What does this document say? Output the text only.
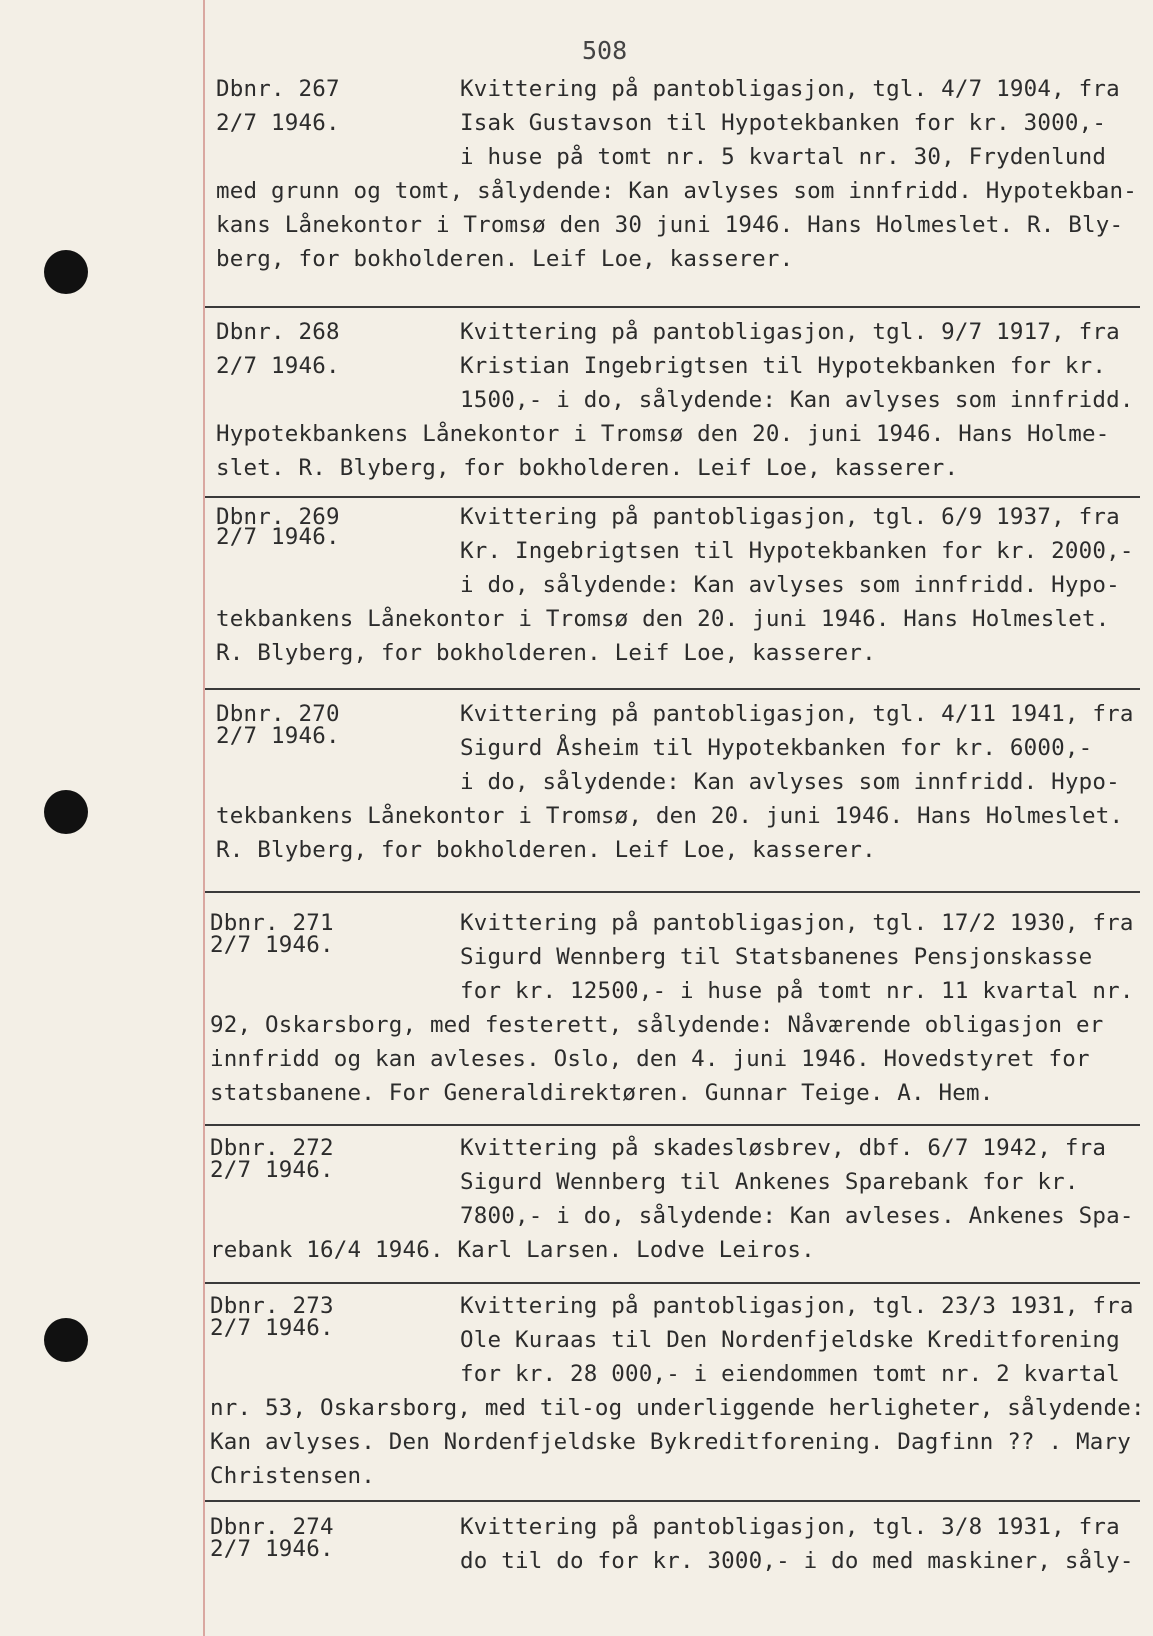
508
Dbnr. 267
2/7 1946.
Kvittering på pantobligasjon, tgl. 4/7 1904, fra
Isak Gustavson til Hypotekbanken for kr. 3000,-
i huse på tomt nr. 5 kvartal nr. 30, Frydenlund
med grunn og tomt, sålydende: Kan avlyses som innfridd. Hypotekban-
kans Lånekontor i Tromsø den 30 juni 1946. Hans Holmeslet. R. Bly-
berg, for bokholderen. Leif Loe, kasserer.
Dbnr. 268
2/7 1946.
Kvittering på pantobligasjon, tgl. 9/7 1917, fra
Kristian Ingebrigtsen til Hypotekbanken for kr.
1500,- i do, sålydende: Kan avlyses som innfridd.
Hypotekbankens Lånekontor i Tromsø den 20. juni 1946. Hans Holme-
slet. R. Blyberg, for bokholderen. Leif Loe, kasserer.
Dbnr. 269
2/7 1946.
Kvittering på pantobligasjon, tgl. 6/9 1937, fra
Kr. Ingebrigtsen til Hypotekbanken for kr. 2000,-
i do, sålydende: Kan avlyses som innfridd. Hypo-
tekbankens Lånekontor i Tromsø den 20. juni 1946. Hans Holmeslet.
R. Blyberg, for bokholderen. Leif Loe, kasserer.
Dbnr. 270
2/7 1946.
Kvittering på pantobligasjon, tgl. 4/11 1941, fra
Sigurd Åsheim til Hypotekbanken for kr. 6000,-
i do, sålydende: Kan avlyses som innfridd. Hypo-
tekbankens Lånekontor i Tromsø, den 20. juni 1946. Hans Holmeslet.
R. Blyberg, for bokholderen. Leif Loe, kasserer.
Dbnr. 271
2/7 1946.
Kvittering på pantobligasjon, tgl. 17/2 1930, fra
Sigurd Wennberg til Statsbanenes Pensjonskasse
for kr. 12500,- i huse på tomt nr. 11 kvartal nr.
92, Oskarsborg, med festerett, sålydende: Nåværende obligasjon er
innfridd og kan avleses. Oslo, den 4. juni 1946. Hovedstyret for
statsbanene. For Generaldirektøren. Gunnar Teige. A. Hem.
Dbnr. 272
2/7 1946.
Kvittering på skadesløsbrev, dbf. 6/7 1942, fra
Sigurd Wennberg til Ankenes Sparebank for kr.
7800,- i do, sålydende: Kan avleses. Ankenes Spa-
rebank 16/4 1946. Karl Larsen. Lodve Leiros.
Dbnr. 273
2/7 1946.
Kvittering på pantobligasjon, tgl. 23/3 1931, fra
Ole Kuraas til Den Nordenfjeldske Kreditforening
for kr. 28 000,- i eiendommen tomt nr. 2 kvartal
nr. 53, Oskarsborg, med til-og underliggende herligheter, sålydende:
Kan avlyses. Den Nordenfjeldske Bykreditforening. Dagfinn ?? . Mary
Christensen.
Dbnr. 274
2/7 1946.
Kvittering på pantobligasjon, tgl. 3/8 1931, fra
do til do for kr. 3000,- i do med maskiner, såly-
